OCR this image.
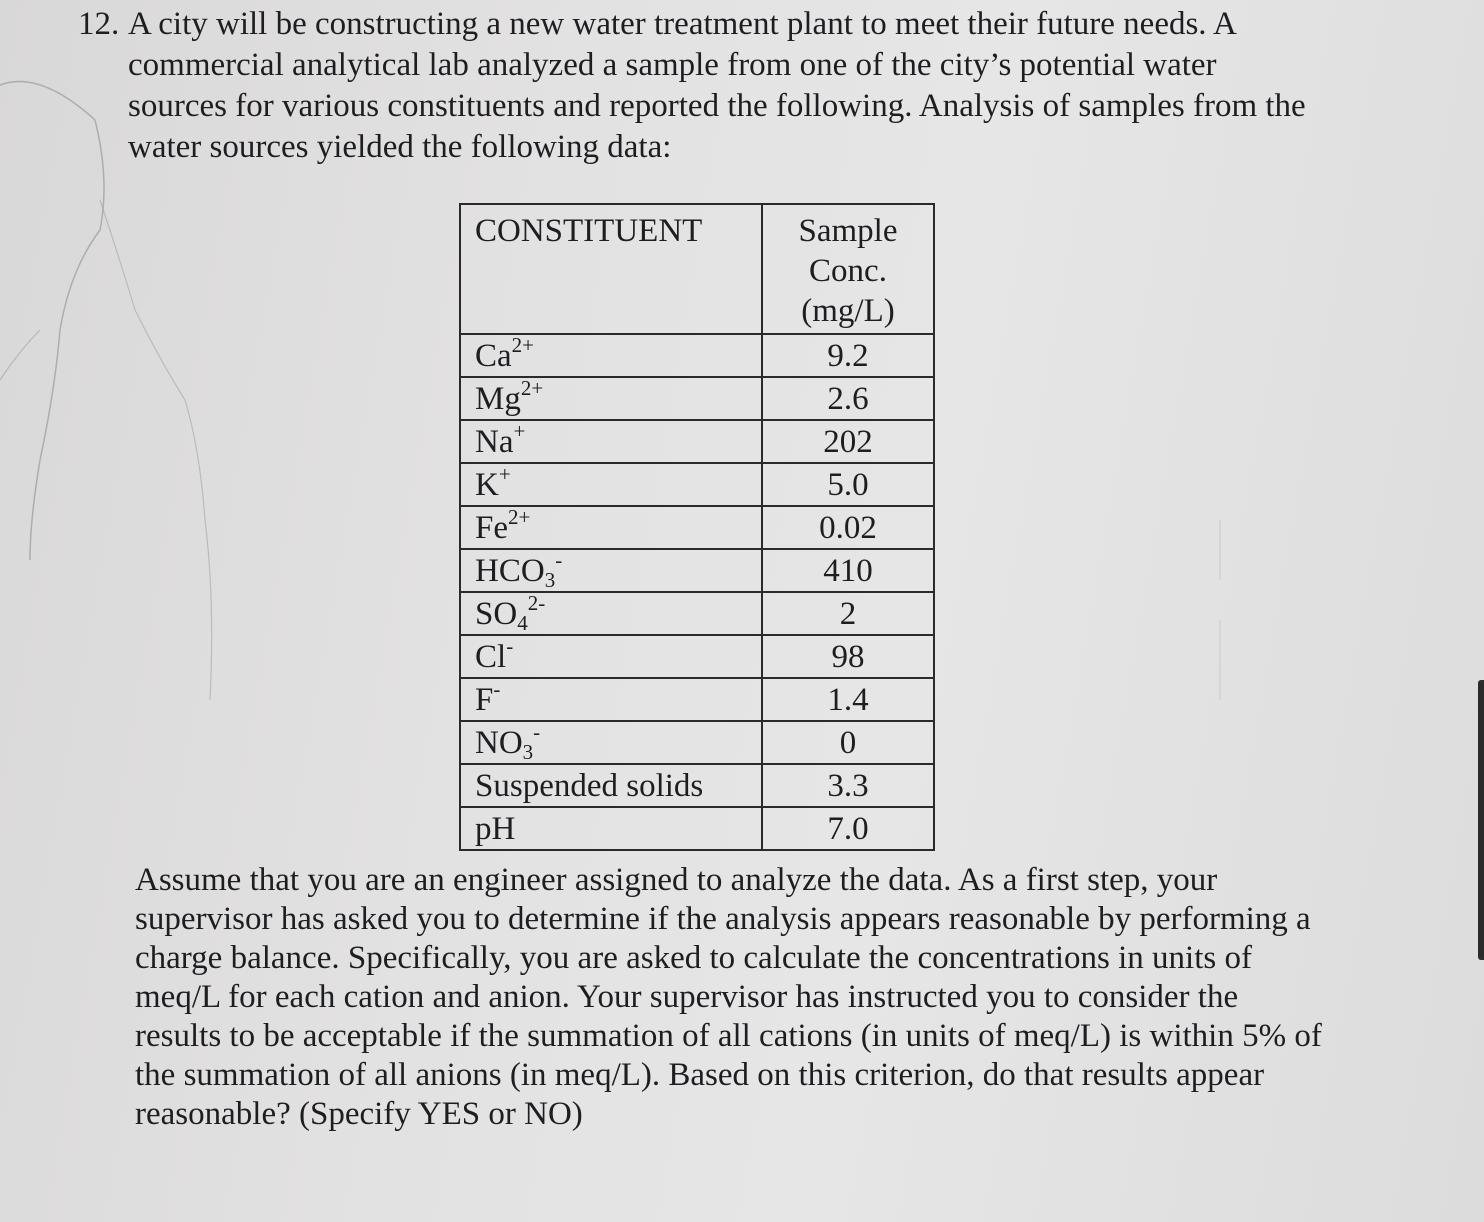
12. A city will be constructing a new water treatment plant to meet their future needs. A
commercial analytical lab analyzed a sample from one of the city’s potential water
sources for various constituents and reported the following. Analysis of samples from the
water sources yielded the following data:
CONSTITUENT	Sample
Conc.
(mg/L)

$Ca^{2+}$	9.2
$Mg^{2+}$	2.6
Na+	202
K+	5.0
$Fe^{2+}$	0.02
$HCO_3^-$	410
$SO_4^{2-}$	2
Cl-	98
F-	1.4
$NO_3^-$	0
Suspended solids	3.3
pH	7.0
Assume that you are an engineer assigned to analyze the data. As a first step, your
supervisor has asked you to determine if the analysis appears reasonable by performing a
charge balance. Specifically, you are asked to calculate the concentrations in units of
meq/L for each cation and anion. Your supervisor has instructed you to consider the
results to be acceptable if the summation of all cations (in units of meq/L) is within 5% of
the summation of all anions (in meq/L). Based on this criterion, do that results appear
reasonable? (Specify YES or NO)
